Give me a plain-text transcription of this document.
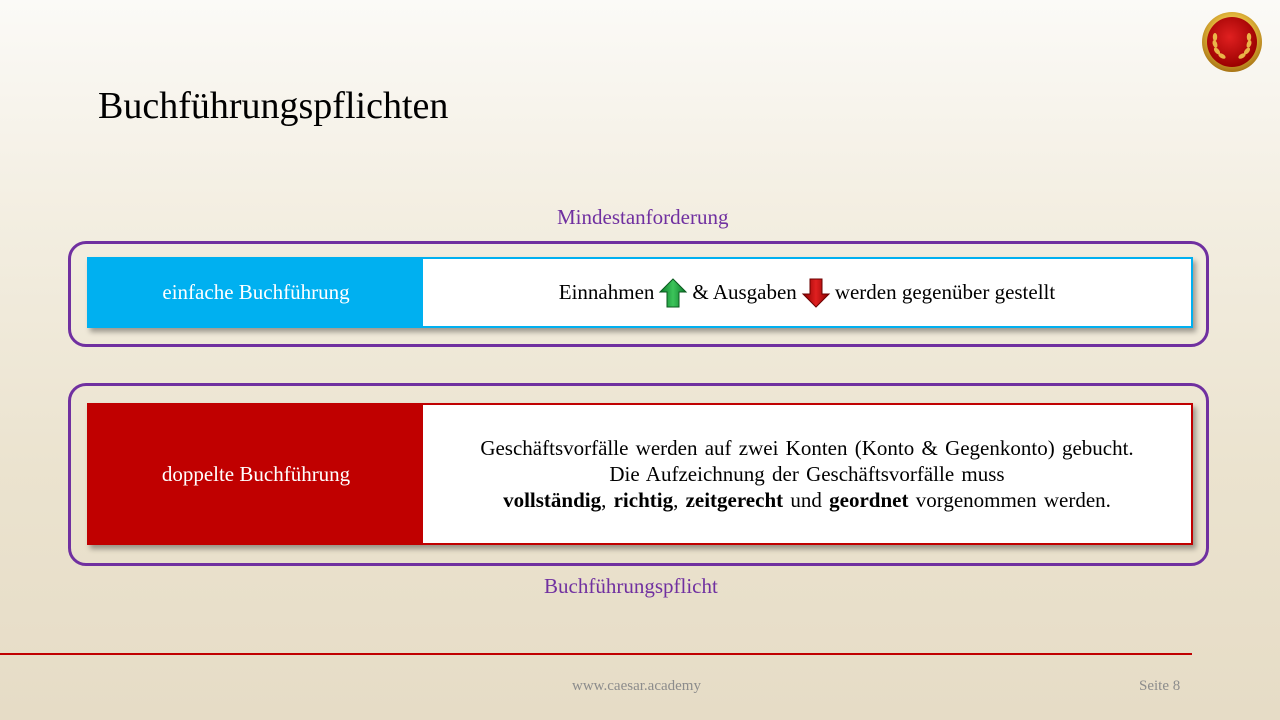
Buchführungspflichten
Mindestanforderung
einfache Buchführung	Einnahmen & Ausgaben werden gegenüber gestellt
doppelte Buchführung
Geschäftsvorfälle werden auf zwei Konten (Konto & Gegenkonto) gebucht.
Die Aufzeichnung der Geschäftsvorfälle muss
vollständig, richtig, zeitgerecht und geordnet vorgenommen werden.
Buchführungspflicht
www.caesar.academy	Seite 8
